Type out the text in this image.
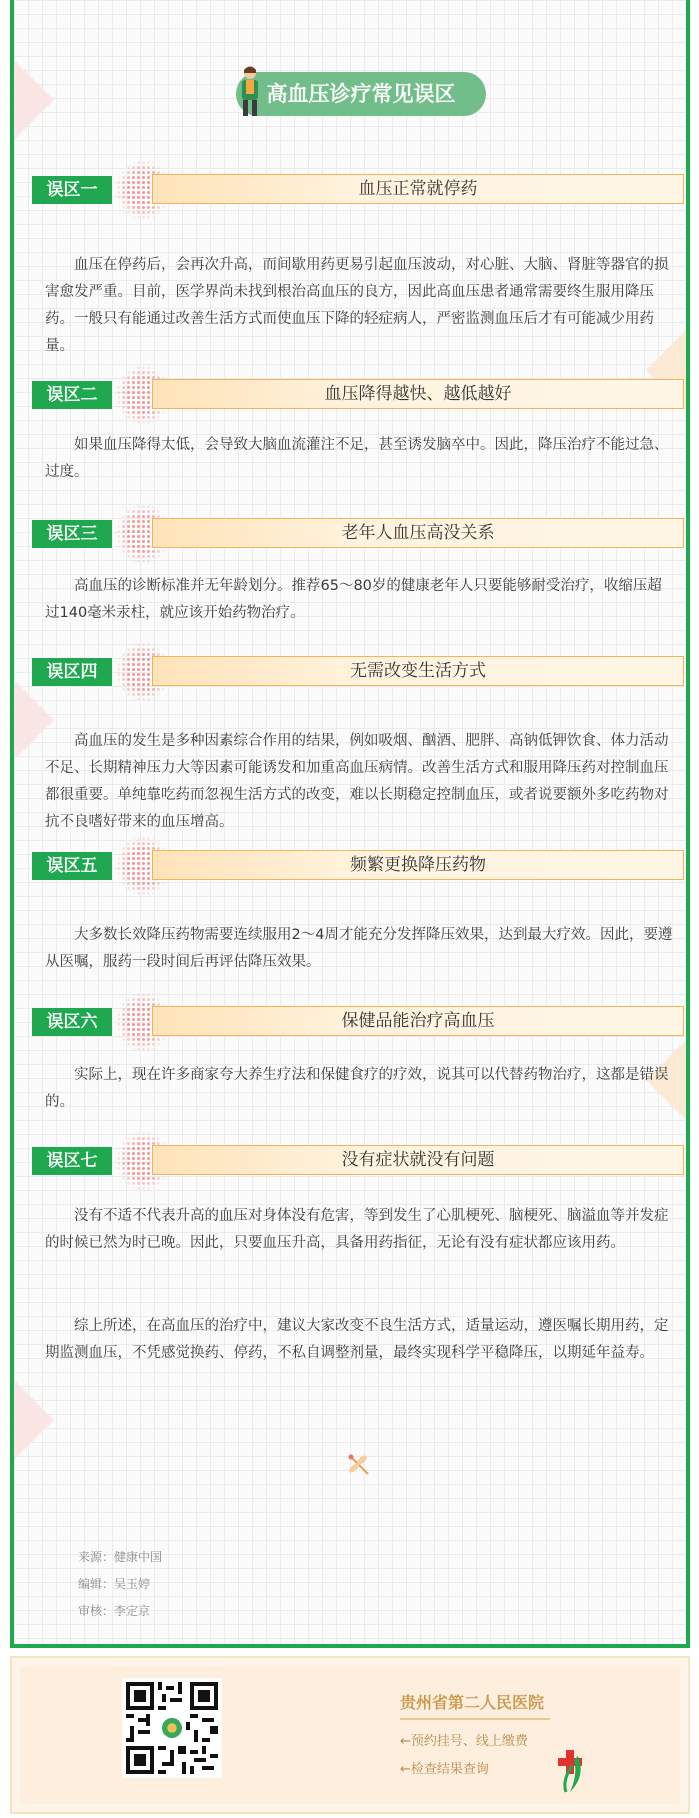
高血压诊疗常见误区
误区一	血压正常就停药

血压在停药后，会再次升高，而间歇用药更易引起血压波动，对心脏、大脑、肾脏等器官的损害愈发严重。目前，医学界尚未找到根治高血压的良方，因此高血压患者通常需要终生服用降压药。一般只有能通过改善生活方式而使血压下降的轻症病人，严密监测血压后才有可能减少用药量。

误区二	血压降得越快、越低越好

如果血压降得太低，会导致大脑血流灌注不足，甚至诱发脑卒中。因此，降压治疗不能过急、过度。

误区三	老年人血压高没关系

高血压的诊断标准并无年龄划分。推荐65～80岁的健康老年人只要能够耐受治疗，收缩压超过140毫米汞柱，就应该开始药物治疗。

误区四	无需改变生活方式

高血压的发生是多种因素综合作用的结果，例如吸烟、酗酒、肥胖、高钠低钾饮食、体力活动不足、长期精神压力大等因素可能诱发和加重高血压病情。改善生活方式和服用降压药对控制血压都很重要。单纯靠吃药而忽视生活方式的改变，难以长期稳定控制血压，或者说要额外多吃药物对抗不良嗜好带来的血压增高。

误区五	频繁更换降压药物

大多数长效降压药物需要连续服用2～4周才能充分发挥降压效果，达到最大疗效。因此，要遵从医嘱，服药一段时间后再评估降压效果。

误区六	保健品能治疗高血压

实际上，现在许多商家夸大养生疗法和保健食疗的疗效，说其可以代替药物治疗，这都是错误的。

误区七	没有症状就没有问题

没有不适不代表升高的血压对身体没有危害，等到发生了心肌梗死、脑梗死、脑溢血等并发症的时候已然为时已晚。因此，只要血压升高，具备用药指征，无论有没有症状都应该用药。

综上所述，在高血压的治疗中，建议大家改变不良生活方式，适量运动，遵医嘱长期用药，定期监测血压，不凭感觉换药、停药，不私自调整剂量，最终实现科学平稳降压，以期延年益寿。

来源：健康中国
编辑：吴玉婷
审核：李定京
贵州省第二人民医院
←预约挂号、线上缴费
←检查结果查询
